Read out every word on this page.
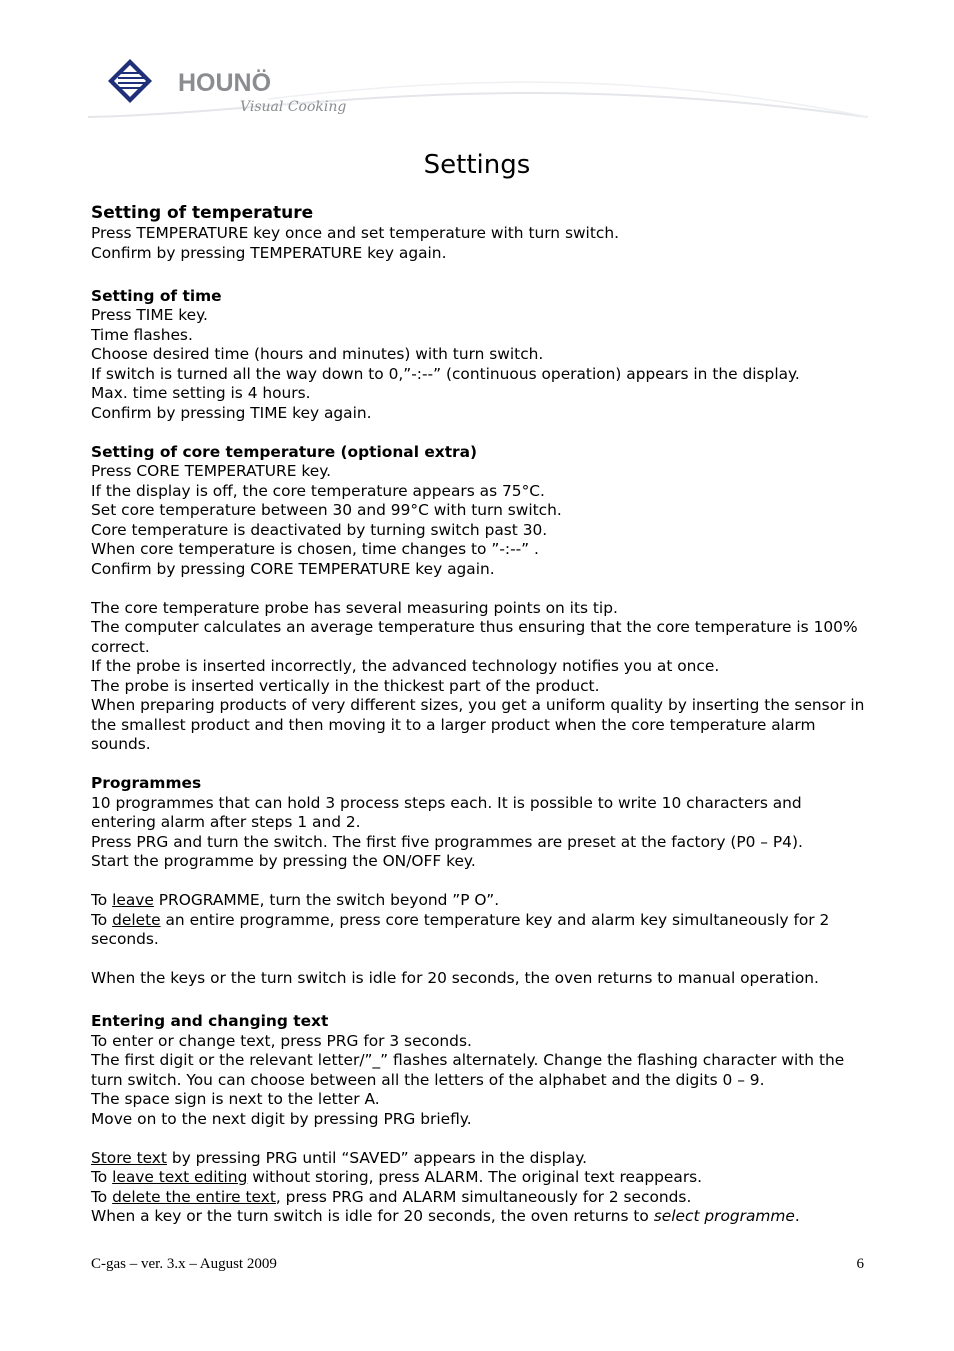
HOUNÖ
Visual Cooking
Settings
Setting of temperature

Press TEMPERATURE key once and set temperature with turn switch.

Confirm by pressing TEMPERATURE key again.

Setting of time

Press TIME key.

Time flashes.

Choose desired time (hours and minutes) with turn switch.

If switch is turned all the way down to 0,”-:--” (continuous operation) appears in the display.

Max. time setting is 4 hours.

Confirm by pressing TIME key again.

Setting of core temperature (optional extra)

Press CORE TEMPERATURE key.

If the display is off, the core temperature appears as 75°C.

Set core temperature between 30 and 99°C with turn switch.

Core temperature is deactivated by turning switch past 30.

When core temperature is chosen, time changes to ”-:--” .

Confirm by pressing CORE TEMPERATURE key again.

The core temperature probe has several measuring points on its tip.

The computer calculates an average temperature thus ensuring that the core temperature is 100% correct.

If the probe is inserted incorrectly, the advanced technology notifies you at once.

The probe is inserted vertically in the thickest part of the product.

When preparing products of very different sizes, you get a uniform quality by inserting the sensor in the smallest product and then moving it to a larger product when the core temperature alarm sounds.

Programmes

10 programmes that can hold 3 process steps each. It is possible to write 10 characters and entering alarm after steps 1 and 2.

Press PRG and turn the switch. The first five programmes are preset at the factory (P0 – P4).

Start the programme by pressing the ON/OFF key.

To leave PROGRAMME, turn the switch beyond ”P O”.

To delete an entire programme, press core temperature key and alarm key simultaneously for 2 seconds.

When the keys or the turn switch is idle for 20 seconds, the oven returns to manual operation.

Entering and changing text

To enter or change text, press PRG for 3 seconds.

The first digit or the relevant letter/”_” flashes alternately. Change the flashing character with the turn switch. You can choose between all the letters of the alphabet and the digits 0 – 9.

The space sign is next to the letter A.

Move on to the next digit by pressing PRG briefly.

Store text by pressing PRG until “SAVED” appears in the display.

To leave text editing without storing, press ALARM. The original text reappears.

To delete the entire text, press PRG and ALARM simultaneously for 2 seconds.

When a key or the turn switch is idle for 20 seconds, the oven returns to select programme.

C-gas – ver. 3.x – August 2009	6
